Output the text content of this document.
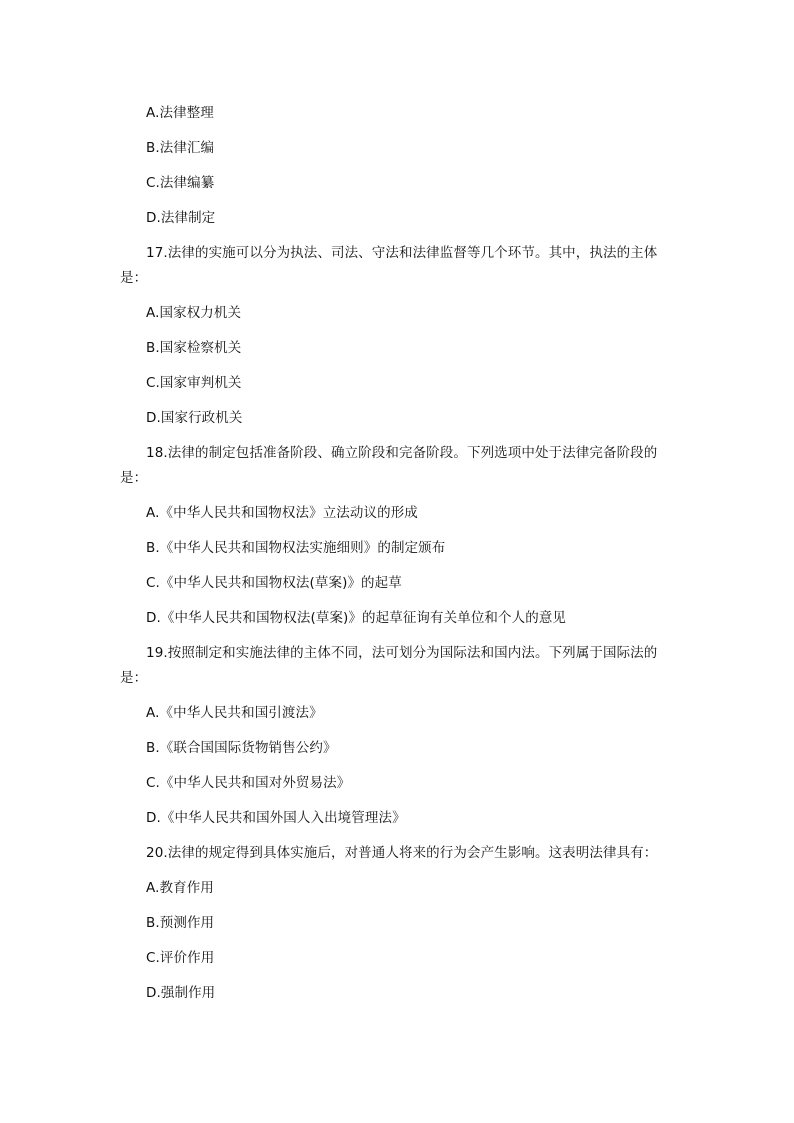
A.法律整理
B.法律汇编
C.法律编纂
D.法律制定
17.法律的实施可以分为执法、司法、守法和法律监督等几个环节。其中，执法的主体
是：
A.国家权力机关
B.国家检察机关
C.国家审判机关
D.国家行政机关
18.法律的制定包括准备阶段、确立阶段和完备阶段。下列选项中处于法律完备阶段的
是：
A.《中华人民共和国物权法》立法动议的形成
B.《中华人民共和国物权法实施细则》的制定颁布
C.《中华人民共和国物权法(草案)》的起草
D.《中华人民共和国物权法(草案)》的起草征询有关单位和个人的意见
19.按照制定和实施法律的主体不同，法可划分为国际法和国内法。下列属于国际法的
是：
A.《中华人民共和国引渡法》
B.《联合国国际货物销售公约》
C.《中华人民共和国对外贸易法》
D.《中华人民共和国外国人入出境管理法》
20.法律的规定得到具体实施后，对普通人将来的行为会产生影响。这表明法律具有：
A.教育作用
B.预测作用
C.评价作用
D.强制作用
